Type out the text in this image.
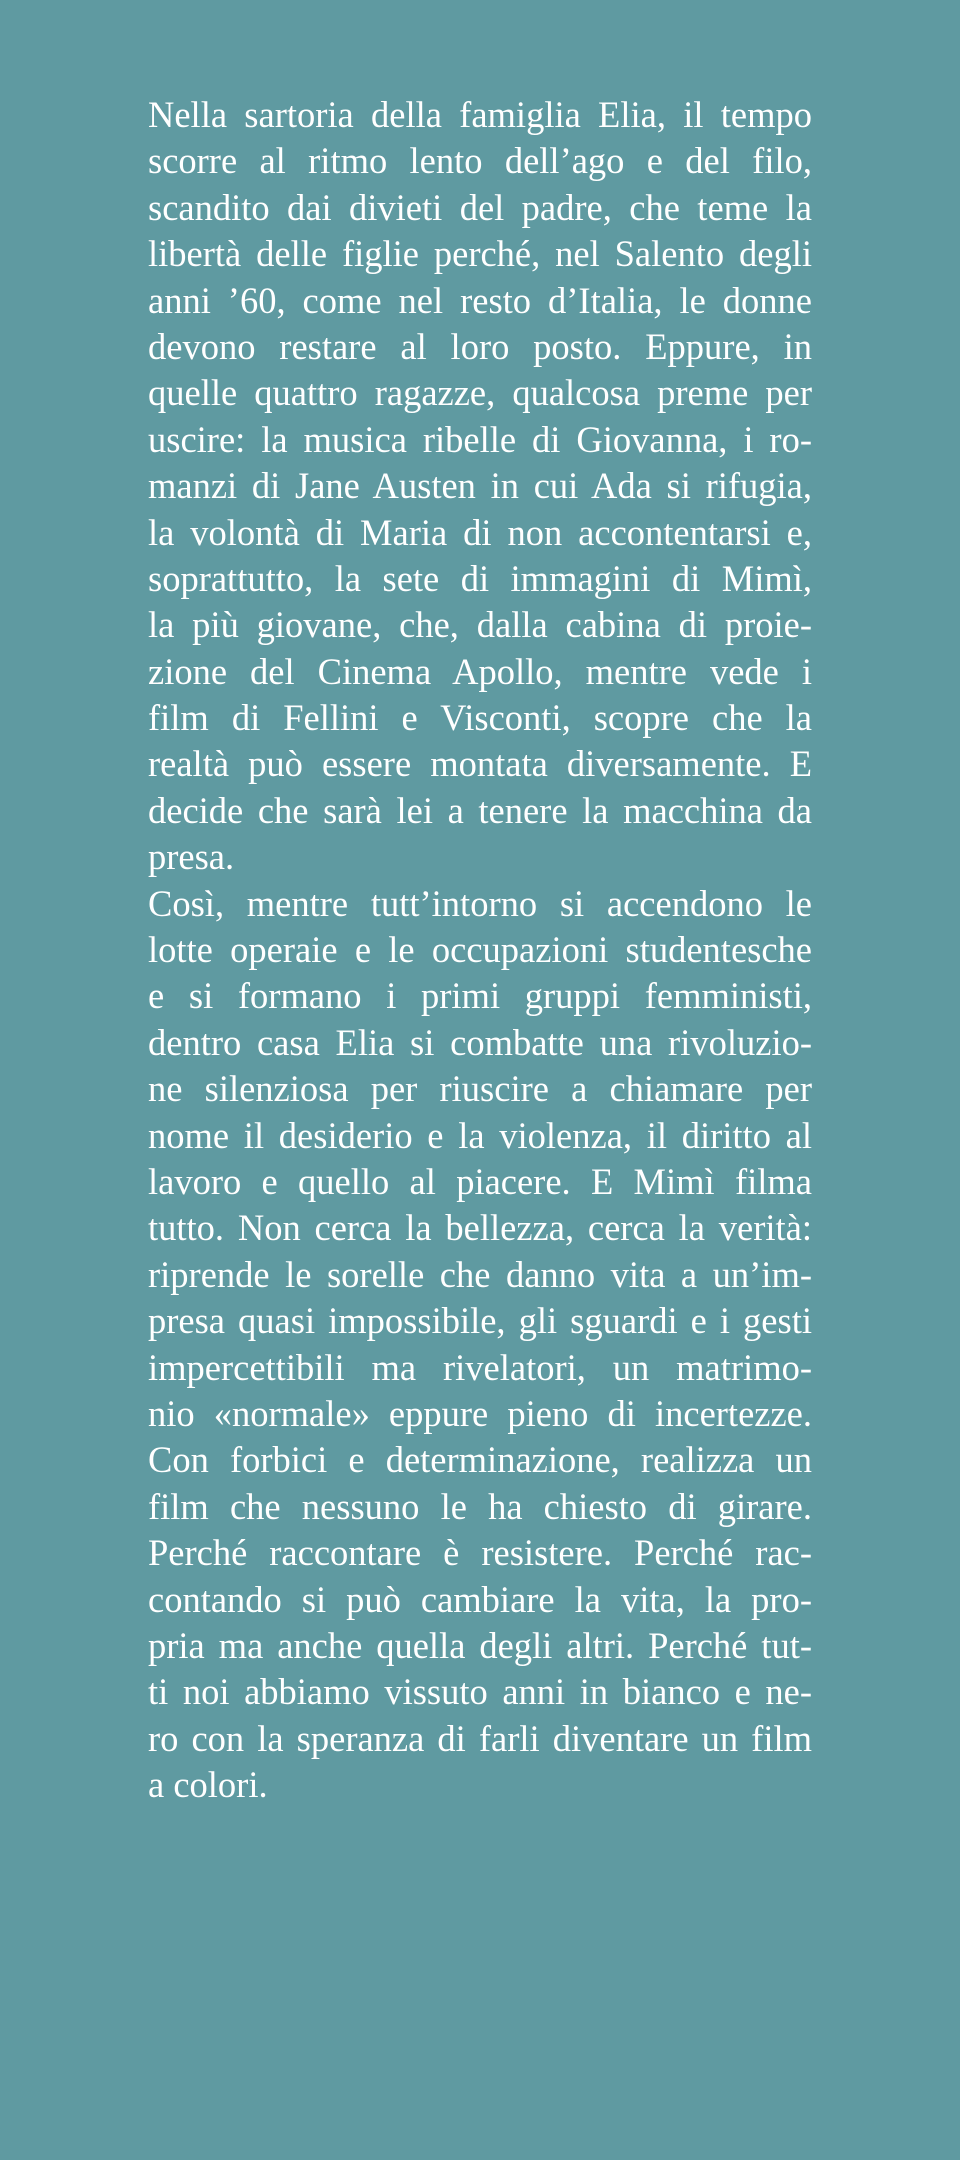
Nella sartoria della famiglia Elia, il tempo
scorre al ritmo lento dell’ago e del filo,
scandito dai divieti del padre, che teme la
libertà delle figlie perché, nel Salento degli
anni ’60, come nel resto d’Italia, le donne
devono restare al loro posto. Eppure, in
quelle quattro ragazze, qualcosa preme per
uscire: la musica ribelle di Giovanna, i ro-
manzi di Jane Austen in cui Ada si rifugia,
la volontà di Maria di non accontentarsi e,
soprattutto, la sete di immagini di Mimì,
la più giovane, che, dalla cabina di proie-
zione del Cinema Apollo, mentre vede i
film di Fellini e Visconti, scopre che la
realtà può essere montata diversamente. E
decide che sarà lei a tenere la macchina da
presa.
Così, mentre tutt’intorno si accendono le
lotte operaie e le occupazioni studentesche
e si formano i primi gruppi femministi,
dentro casa Elia si combatte una rivoluzio-
ne silenziosa per riuscire a chiamare per
nome il desiderio e la violenza, il diritto al
lavoro e quello al piacere. E Mimì filma
tutto. Non cerca la bellezza, cerca la verità:
riprende le sorelle che danno vita a un’im-
presa quasi impossibile, gli sguardi e i gesti
impercettibili ma rivelatori, un matrimo-
nio «normale» eppure pieno di incertezze.
Con forbici e determinazione, realizza un
film che nessuno le ha chiesto di girare.
Perché raccontare è resistere. Perché rac-
contando si può cambiare la vita, la pro-
pria ma anche quella degli altri. Perché tut-
ti noi abbiamo vissuto anni in bianco e ne-
ro con la speranza di farli diventare un film
a colori.
